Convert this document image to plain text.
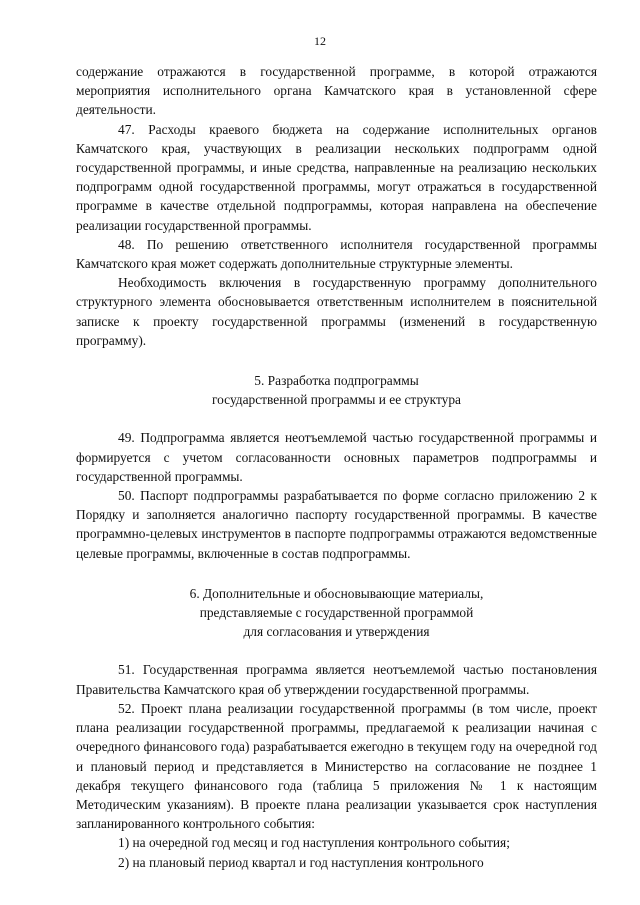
12

содержание отражаются в государственной программе, в которой отражаются мероприятия исполнительного органа Камчатского края в установленной сфере деятельности.

47. Расходы краевого бюджета на содержание исполнительных органов Камчатского края, участвующих в реализации нескольких подпрограмм одной государственной программы, и иные средства, направленные на реализацию нескольких подпрограмм одной государственной программы, могут отражаться в государственной программе в качестве отдельной подпрограммы, которая направлена на обеспечение реализации государственной программы.

48. По решению ответственного исполнителя государственной программы Камчатского края может содержать дополнительные структурные элементы.

Необходимость включения в государственную программу дополнительного структурного элемента обосновывается ответственным исполнителем в пояснительной записке к проекту государственной программы (изменений в государственную программу).

5. Разработка подпрограммы

государственной программы и ее структура

49. Подпрограмма является неотъемлемой частью государственной программы и формируется с учетом согласованности основных параметров подпрограммы и государственной программы.

50. Паспорт подпрограммы разрабатывается по форме согласно приложению 2 к Порядку и заполняется аналогично паспорту государственной программы. В качестве программно-целевых инструментов в паспорте подпрограммы отражаются ведомственные целевые программы, включенные в состав подпрограммы.

6. Дополнительные и обосновывающие материалы,

представляемые с государственной программой

для согласования и утверждения

51. Государственная программа является неотъемлемой частью постановления Правительства Камчатского края об утверждении государственной программы.

52. Проект плана реализации государственной программы (в том числе, проект плана реализации государственной программы, предлагаемой к реализации начиная с очередного финансового года) разрабатывается ежегодно в текущем году на очередной год и плановый период и представляется в Министерство на согласование не позднее 1 декабря текущего финансового года (таблица 5 приложения № 1 к настоящим Методическим указаниям). В проекте плана реализации указывается срок наступления запланированного контрольного события:

1) на очередной год месяц и год наступления контрольного события;

2) на плановый период квартал и год наступления контрольного
